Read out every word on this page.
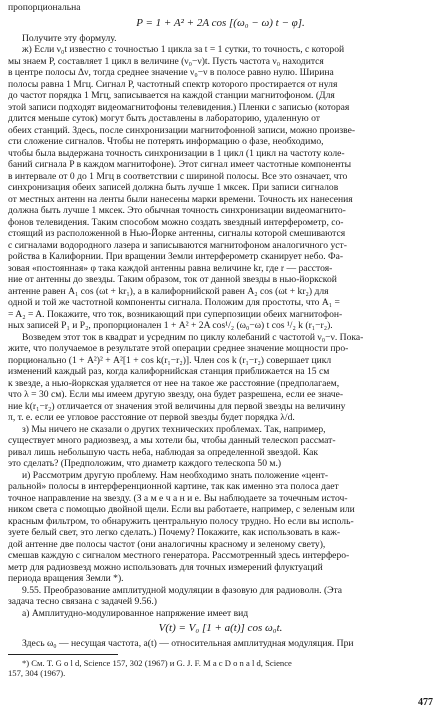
пропорциональна
P = 1 + A² + 2A cos [(ω₀ − ω) t − φ].
Получите эту формулу.
ж) Если ν₀t известно с точностью 1 цикла за t = 1 сутки, то точность, с которой
мы знаем P, составляет 1 цикл в величине (ν₀−ν)t. Пусть частота ν₀ находится
в центре полосы Δν, тогда среднее значение ν₀−ν в полосе равно нулю. Ширина
полосы равна 1 Мгц. Сигнал P, частотный спектр которого простирается от нуля
до частот порядка 1 Мгц, записывается на каждой станции магнитофоном. (Для
этой записи подходят видеомагнитофоны телевидения.) Пленки с записью (которая
длится меньше суток) могут быть доставлены в лабораторию, удаленную от
обеих станций. Здесь, после синхронизации магнитофонной записи, можно произве-
сти сложение сигналов. Чтобы не потерять информацию о фазе, необходимо,
чтобы была выдержана точность синхронизации в 1 цикл (1 цикл на частоту коле-
баний сигнала P в каждом магнитофоне). Этот сигнал имеет частотные компоненты
в интервале от 0 до 1 Мгц в соответствии с шириной полосы. Все это означает, что
синхронизация обеих записей должна быть лучше 1 мксек. При записи сигналов
от местных антенн на ленты были нанесены марки времени. Точность их нанесения
должна быть лучше 1 мксек. Это обычная точность синхронизации видеомагнито-
фонов телевидения. Таким способом можно создать звездный интерферометр, со-
стоящий из расположенной в Нью-Йорке антенны, сигналы которой смешиваются
с сигналами водородного лазера и записываются магнитофоном аналогичного уст-
ройства в Калифорнии. При вращении Земли интерферометр сканирует небо. Фа-
зовая «постоянная» φ така каждой антенны равна величине kr, где r — расстоя-
ние от антенны до звезды. Таким образом, ток от данной звезды в нью-йоркской
антенне равен A₁ cos (ωt + kr₁), а в калифорнийской равен A₂ cos (ωt + kr₂) для
одной и той же частотной компоненты сигнала. Положим для простоты, что A₁ =
= A₂ = A. Покажите, что ток, возникающий при суперпозиции обеих магнитофон-
ных записей P₁ и P₂, пропорционален 1 + A² + 2A cos¹/₂ (ω₀−ω) t cos ¹/₂ k (r₁−r₂).
Возведем этот ток в квадрат и усредним по циклу колебаний с частотой ν₀−ν. Пока-
жите, что получаемое в результате этой операции среднее значение мощности про-
порционально (1 + A²)² + A²[1 + cos k(r₁−r₂)]. Член cos k (r₁−r₂) совершает цикл
изменений каждый раз, когда калифорнийская станция приближается на 15 см
к звезде, а нью-йоркская удаляется от нее на такое же расстояние (предполагаем,
что λ = 30 см). Если мы имеем другую звезду, она будет разрешена, если ее значе-
ние k(r₁−r₂) отличается от значения этой величины для первой звезды на величину
π, т. е. если ее угловое расстояние от первой звезды будет порядка λ/d.
з) Мы ничего не сказали о других технических проблемах. Так, например,
существует много радиозвезд, а мы хотели бы, чтобы данный телескоп рассмат-
ривал лишь небольшую часть неба, наблюдая за определенной звездой. Как
это сделать? (Предположим, что диаметр каждого телескопа 50 м.)
и) Рассмотрим другую проблему. Нам необходимо знать положение «цент-
ральной» полосы в интерференционной картине, так как именно эта полоса дает
точное направление на звезду. (З а м е ч а н и е. Вы наблюдаете за точечным источ-
ником света с помощью двойной щели. Если вы работаете, например, с зеленым или
красным фильтром, то обнаружить центральную полосу трудно. Но если вы исполь-
зуете белый свет, это легко сделать.) Почему? Покажите, как использовать в каж-
дой антенне две полосы частот (они аналогичны красному и зеленому свету),
смешав каждую с сигналом местного генератора. Рассмотренный здесь интерферо-
метр для радиозвезд можно использовать для точных измерений флуктуаций
периода вращения Земли *).
9.55. Преобразование амплитудной модуляции в фазовую для радиоволн. (Эта
задача тесно связана с задачей 9.56.)
а) Амплитудно-модулированное напряжение имеет вид
V(t) = V₀ [1 + a(t)] cos ω₀t.
Здесь ω₀ — несущая частота, a(t) — относительная амплитудная модуляция. При
*) См. T. G o l d, Science 157, 302 (1967) и G. J. F. M a c D o n a l d, Science
157, 304 (1967).
477
